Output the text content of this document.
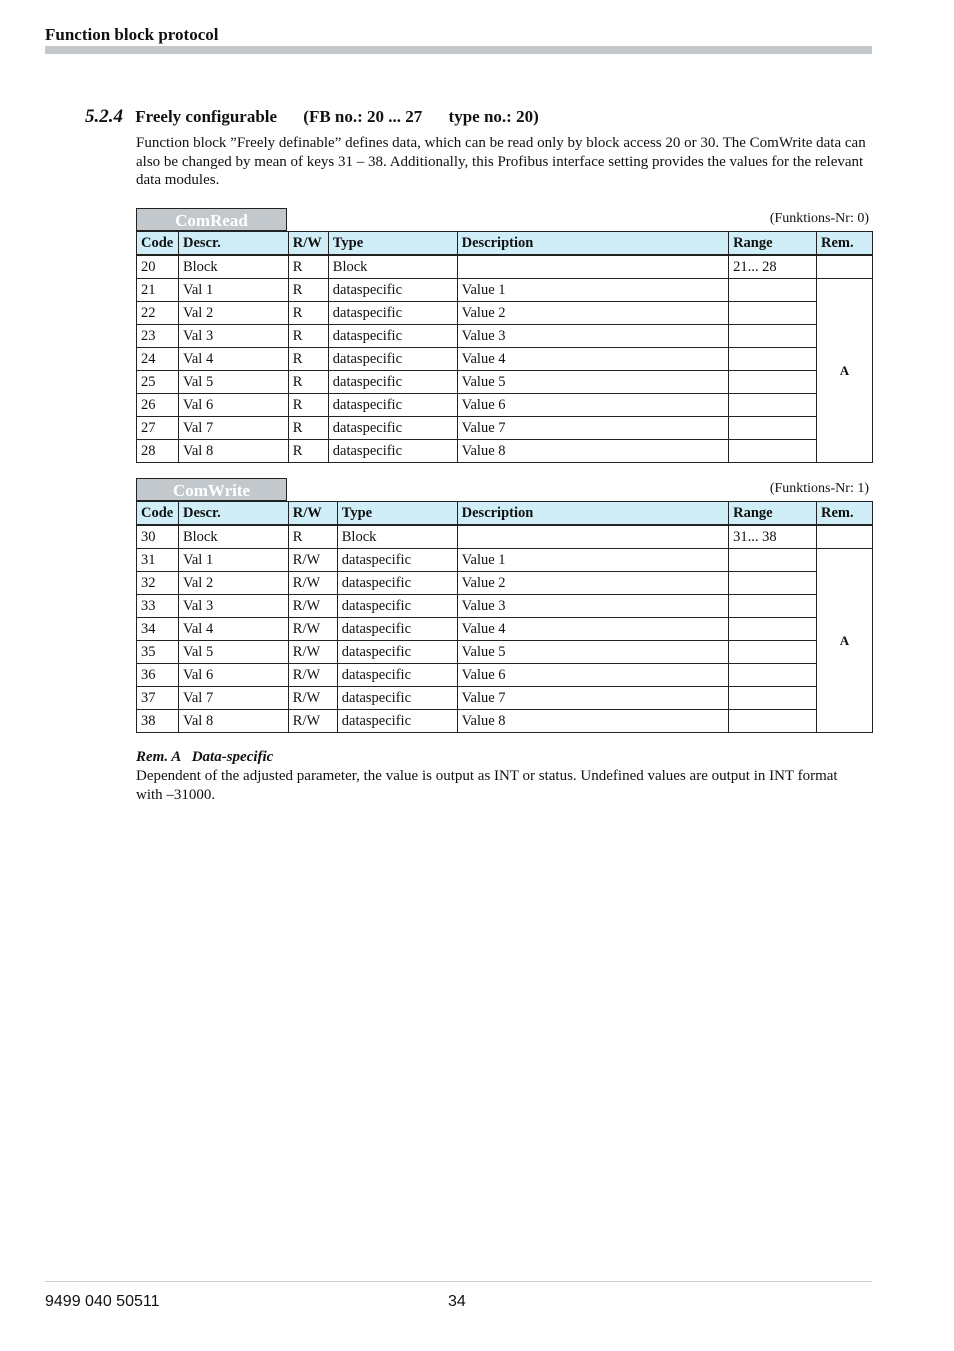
Function block protocol
5.2.4 Freely configurable (FB no.: 20 ... 27 type no.: 20)
Function block ”Freely definable” defines data, which can be read only by block access 20 or 30. The ComWrite data can also be changed by mean of keys 31 – 38. Additionally, this Profibus interface setting provides the values for the relevant data modules.
ComRead	(Funktions-Nr: 0)
Code	Descr.	R/W	Type	Description	Range	Rem.
20	Block	R	Block		21... 28	
21	Val 1	R	dataspecific	Value 1		A
22	Val 2	R	dataspecific	Value 2		
23	Val 3	R	dataspecific	Value 3		
24	Val 4	R	dataspecific	Value 4		
25	Val 5	R	dataspecific	Value 5		
26	Val 6	R	dataspecific	Value 6		
27	Val 7	R	dataspecific	Value 7		
28	Val 8	R	dataspecific	Value 8		
ComWrite	(Funktions-Nr: 1)
Code	Descr.	R/W	Type	Description	Range	Rem.
30	Block	R	Block		31... 38	
31	Val 1	R/W	dataspecific	Value 1		A
32	Val 2	R/W	dataspecific	Value 2		
33	Val 3	R/W	dataspecific	Value 3		
34	Val 4	R/W	dataspecific	Value 4		
35	Val 5	R/W	dataspecific	Value 5		
36	Val 6	R/W	dataspecific	Value 6		
37	Val 7	R/W	dataspecific	Value 7		
38	Val 8	R/W	dataspecific	Value 8		
Rem. A   Data-specific
Dependent of the adjusted parameter, the value is output as INT or status. Undefined values are output in INT format with –31000.
9499 040 50511	34
